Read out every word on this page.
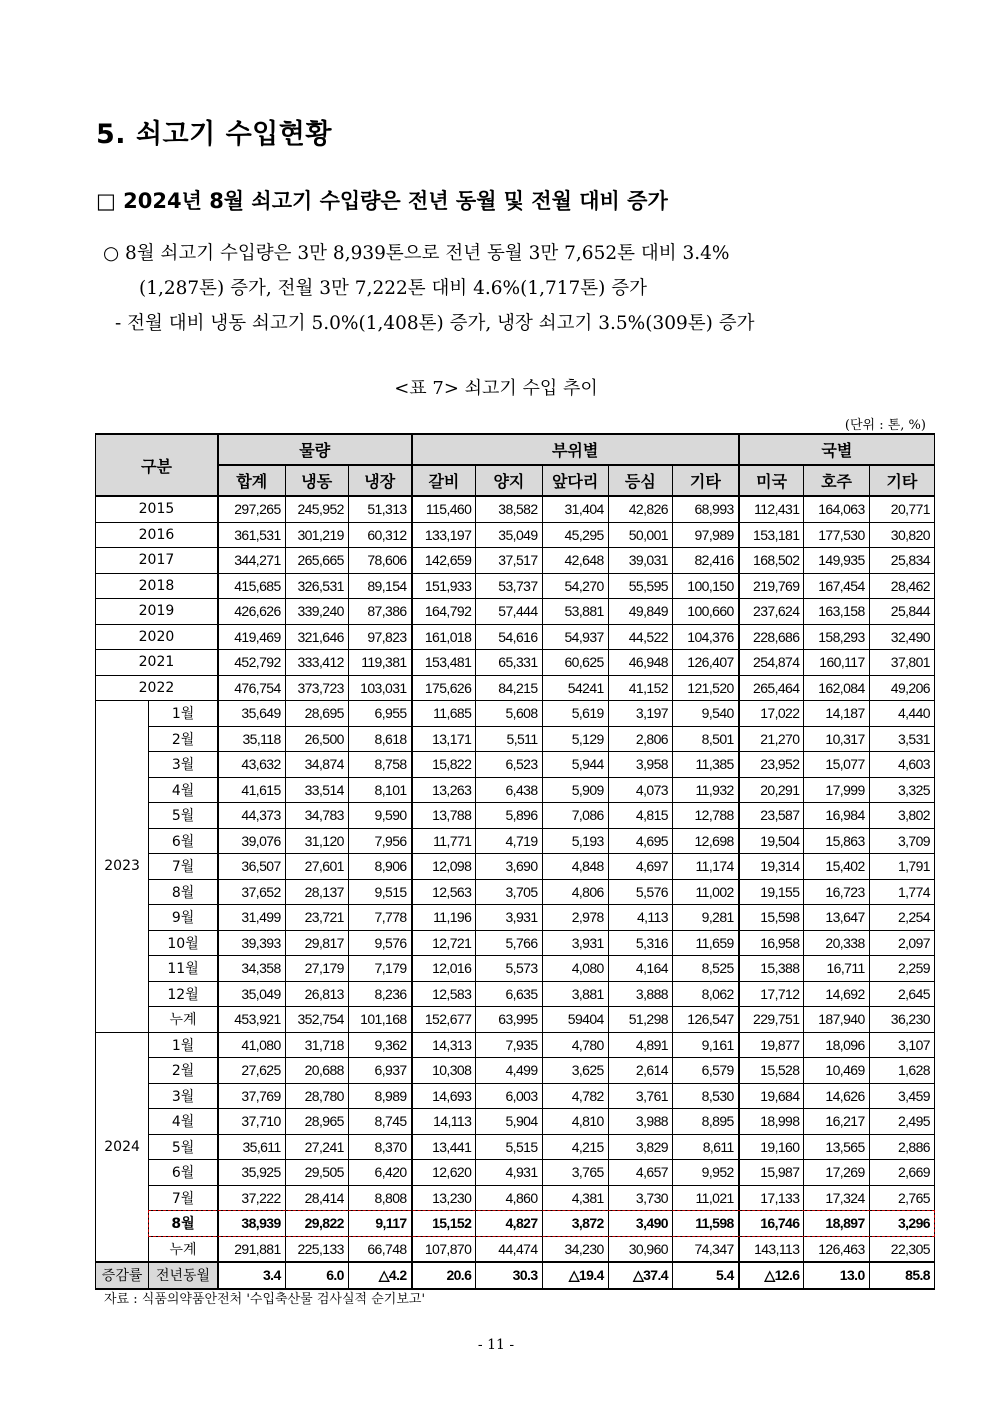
5. 쇠고기 수입현황
□ 2024년 8월 쇠고기 수입량은 전년 동월 및 전월 대비 증가
○ 8월 쇠고기 수입량은 3만 8,939톤으로 전년 동월 3만 7,652톤 대비 3.4%
(1,287톤) 증가, 전월 3만 7,222톤 대비 4.6%(1,717톤) 증가
- 전월 대비 냉동 쇠고기 5.0%(1,408톤) 증가, 냉장 쇠고기 3.5%(309톤) 증가
<표 7> 쇠고기 수입 추이
(단위 : 톤, %)
구분		물량			부위별					국별		
		합계	냉동	냉장	갈비	양지	앞다리	등심	기타	미국	호주	기타
2015		297,265	245,952	51,313	115,460	38,582	31,404	42,826	68,993	112,431	164,063	20,771
2016		361,531	301,219	60,312	133,197	35,049	45,295	50,001	97,989	153,181	177,530	30,820
2017		344,271	265,665	78,606	142,659	37,517	42,648	39,031	82,416	168,502	149,935	25,834
2018		415,685	326,531	89,154	151,933	53,737	54,270	55,595	100,150	219,769	167,454	28,462
2019		426,626	339,240	87,386	164,792	57,444	53,881	49,849	100,660	237,624	163,158	25,844
2020		419,469	321,646	97,823	161,018	54,616	54,937	44,522	104,376	228,686	158,293	32,490
2021		452,792	333,412	119,381	153,481	65,331	60,625	46,948	126,407	254,874	160,117	37,801
2022		476,754	373,723	103,031	175,626	84,215	54241	41,152	121,520	265,464	162,084	49,206
2023	1월	35,649	28,695	6,955	11,685	5,608	5,619	3,197	9,540	17,022	14,187	4,440
	2월	35,118	26,500	8,618	13,171	5,511	5,129	2,806	8,501	21,270	10,317	3,531
	3월	43,632	34,874	8,758	15,822	6,523	5,944	3,958	11,385	23,952	15,077	4,603
	4월	41,615	33,514	8,101	13,263	6,438	5,909	4,073	11,932	20,291	17,999	3,325
	5월	44,373	34,783	9,590	13,788	5,896	7,086	4,815	12,788	23,587	16,984	3,802
	6월	39,076	31,120	7,956	11,771	4,719	5,193	4,695	12,698	19,504	15,863	3,709
	7월	36,507	27,601	8,906	12,098	3,690	4,848	4,697	11,174	19,314	15,402	1,791
	8월	37,652	28,137	9,515	12,563	3,705	4,806	5,576	11,002	19,155	16,723	1,774
	9월	31,499	23,721	7,778	11,196	3,931	2,978	4,113	9,281	15,598	13,647	2,254
	10월	39,393	29,817	9,576	12,721	5,766	3,931	5,316	11,659	16,958	20,338	2,097
	11월	34,358	27,179	7,179	12,016	5,573	4,080	4,164	8,525	15,388	16,711	2,259
	12월	35,049	26,813	8,236	12,583	6,635	3,881	3,888	8,062	17,712	14,692	2,645
	누계	453,921	352,754	101,168	152,677	63,995	59404	51,298	126,547	229,751	187,940	36,230
2024	1월	41,080	31,718	9,362	14,313	7,935	4,780	4,891	9,161	19,877	18,096	3,107
	2월	27,625	20,688	6,937	10,308	4,499	3,625	2,614	6,579	15,528	10,469	1,628
	3월	37,769	28,780	8,989	14,693	6,003	4,782	3,761	8,530	19,684	14,626	3,459
	4월	37,710	28,965	8,745	14,113	5,904	4,810	3,988	8,895	18,998	16,217	2,495
	5월	35,611	27,241	8,370	13,441	5,515	4,215	3,829	8,611	19,160	13,565	2,886
	6월	35,925	29,505	6,420	12,620	4,931	3,765	4,657	9,952	15,987	17,269	2,669
	7월	37,222	28,414	8,808	13,230	4,860	4,381	3,730	11,021	17,133	17,324	2,765
	8월	38,939	29,822	9,117	15,152	4,827	3,872	3,490	11,598	16,746	18,897	3,296
	누계	291,881	225,133	66,748	107,870	44,474	34,230	30,960	74,347	143,113	126,463	22,305
증감률	전년동월	3.4	6.0	△4.2	20.6	30.3	△19.4	△37.4	5.4	△12.6	13.0	85.8
자료 : 식품의약품안전처 '수입축산물 검사실적 순기보고'
- 11 -
